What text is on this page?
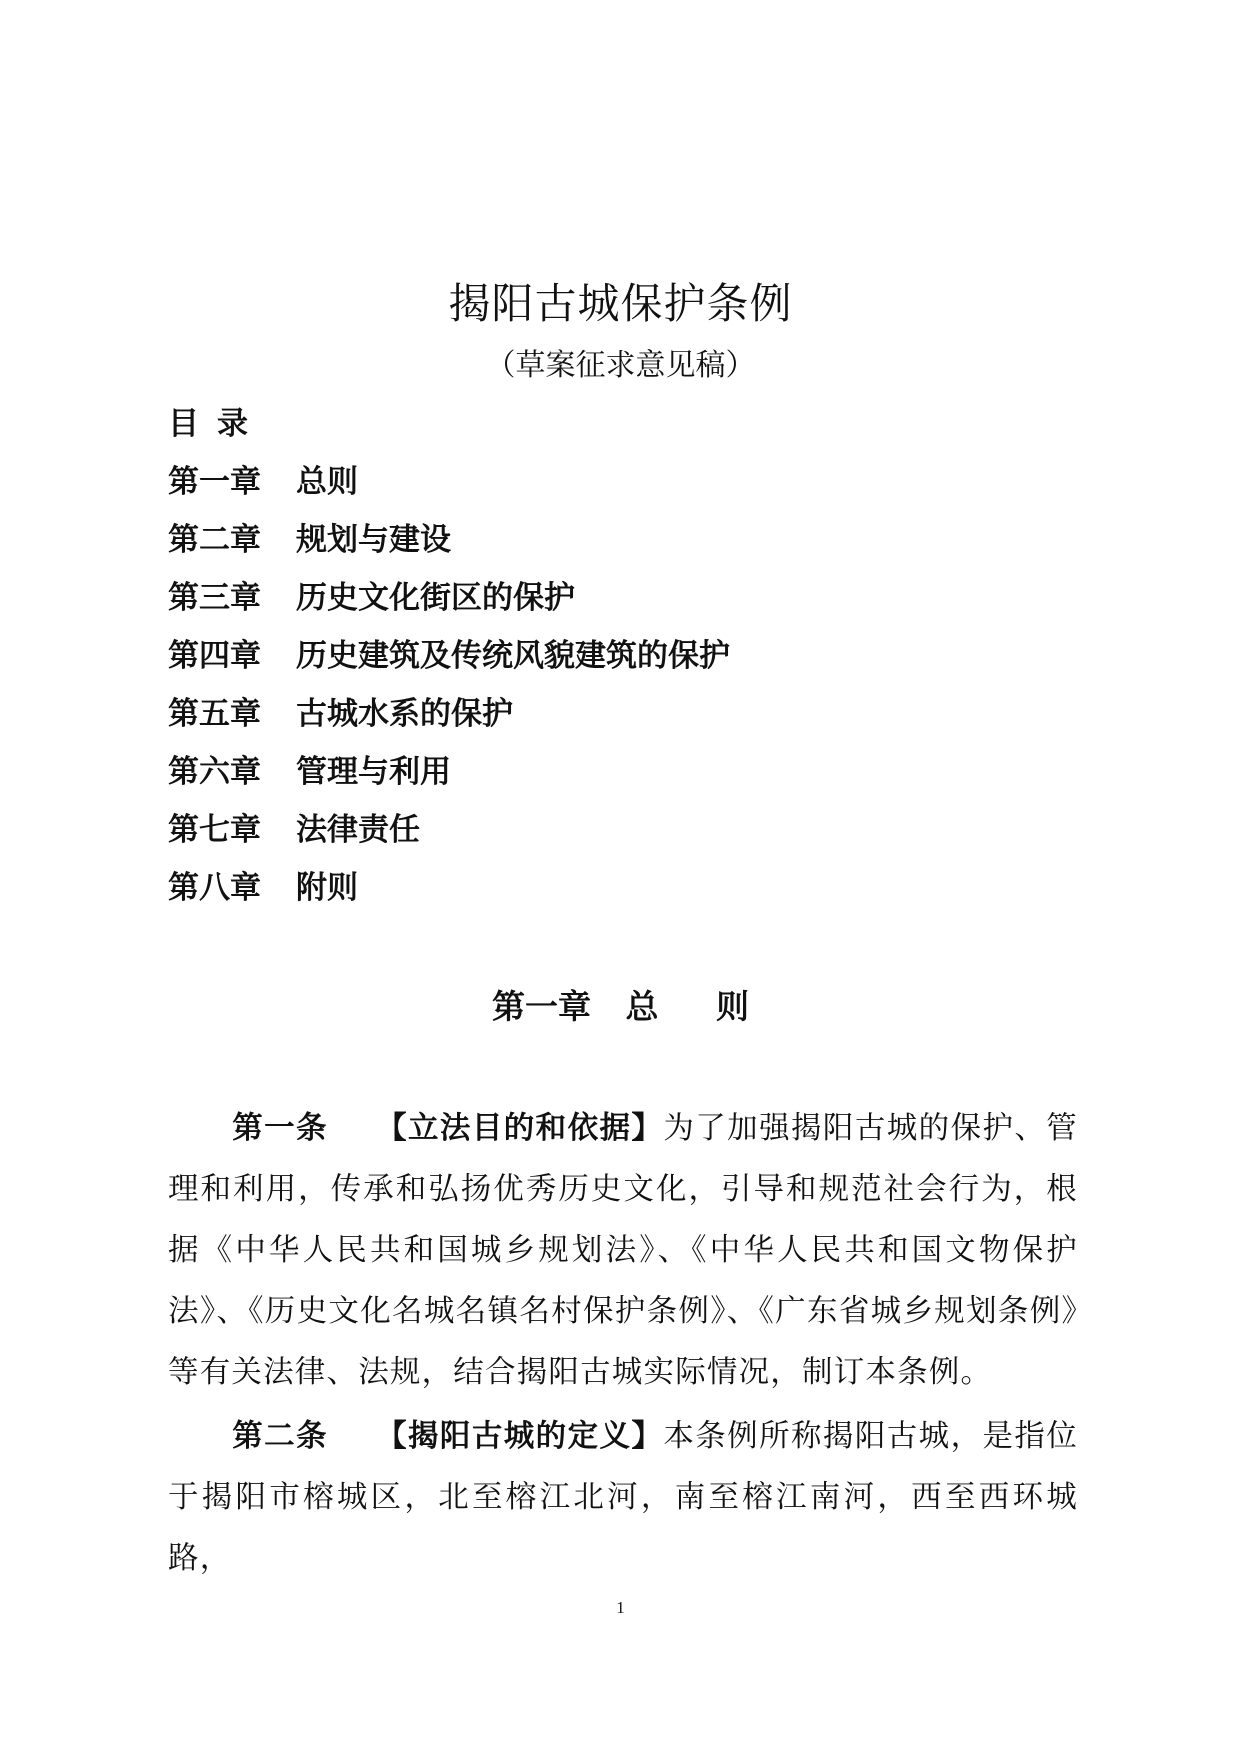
揭阳古城保护条例
（草案征求意见稿）
目录
第一章 总则
第二章 规划与建设
第三章 历史文化街区的保护
第四章 历史建筑及传统风貌建筑的保护
第五章 古城水系的保护
第六章 管理与利用
第七章 法律责任
第八章 附则
第一章   总     则
第一条 【立法目的和依据】为了加强揭阳古城的保护、管理和利用，传承和弘扬优秀历史文化，引导和规范社会行为，根据《中华人民共和国城乡规划法》、《中华人民共和国文物保护法》、《历史文化名城名镇名村保护条例》、《广东省城乡规划条例》等有关法律、法规，结合揭阳古城实际情况，制订本条例。
第二条 【揭阳古城的定义】本条例所称揭阳古城，是指位于揭阳市榕城区，北至榕江北河，南至榕江南河，西至西环城路，
1
